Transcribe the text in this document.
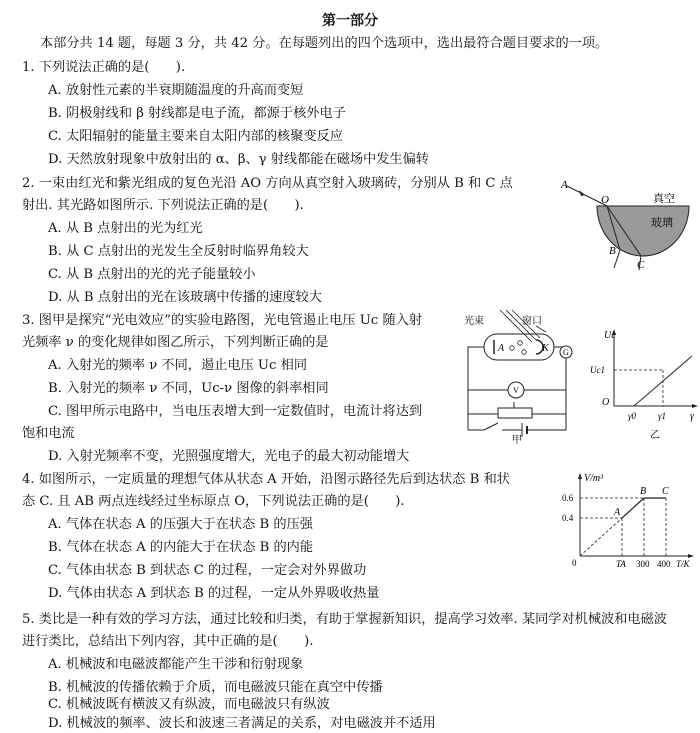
第一部分
本部分共 14 题，每题 3 分，共 42 分。在每题列出的四个选项中，选出最符合题目要求的一项。
1. 下列说法正确的是(　　).
A. 放射性元素的半衰期随温度的升高而变短
B. 阴极射线和 β 射线都是电子流，都源于核外电子
C. 太阳辐射的能量主要来自太阳内部的核聚变反应
D. 天然放射现象中放射出的 α、β、γ 射线都能在磁场中发生偏转
2. 一束由红光和紫光组成的复色光沿 AO 方向从真空射入玻璃砖，分别从 B 和 C 点
射出. 其光路如图所示. 下列说法正确的是(　　).
A. 从 B 点射出的光为红光
B. 从 C 点射出的光发生全反射时临界角较大
C. 从 B 点射出的光的光子能量较小
D. 从 B 点射出的光在该玻璃中传播的速度较大
A
O
B
C
真空
玻璃
3. 图甲是探究“光电效应”的实验电路图，光电管遏止电压 Uc 随入射
光频率 ν 的变化规律如图乙所示，下列判断正确的是
A. 入射光的频率 ν 不同，遏止电压 Uc 相同
B. 入射光的频率 ν 不同，Uc-ν 图像的斜率相同
C. 图甲所示电路中，当电压表增大到一定数值时，电流计将达到
饱和电流
D. 入射光频率不变，光照强度增大，光电子的最大初动能增大
光束	窗口
A	K
V
G
甲
Uc
Uc1
O
γ0 γ1 γ
乙
4. 如图所示，一定质量的理想气体从状态 A 开始，沿图示路径先后到达状态 B 和状
态 C. 且 AB 两点连线经过坐标原点 O，下列说法正确的是(　　).
A. 气体在状态 A 的压强大于在状态 B 的压强
B. 气体在状态 A 的内能大于在状态 B 的内能
C. 气体由状态 B 到状态 C 的过程，一定会对外界做功
D. 气体由状态 A 到状态 B 的过程，一定从外界吸收热量
V/m³
0.6
0.4
0	TA 300 400 T/K
A
B C
5. 类比是一种有效的学习方法，通过比较和归类，有助于掌握新知识，提高学习效率. 某同学对机械波和电磁波
进行类比，总结出下列内容，其中正确的是(　　).
A. 机械波和电磁波都能产生干涉和衍射现象
B. 机械波的传播依赖于介质，而电磁波只能在真空中传播
C. 机械波既有横波又有纵波，而电磁波只有纵波
D. 机械波的频率、波长和波速三者满足的关系，对电磁波并不适用
